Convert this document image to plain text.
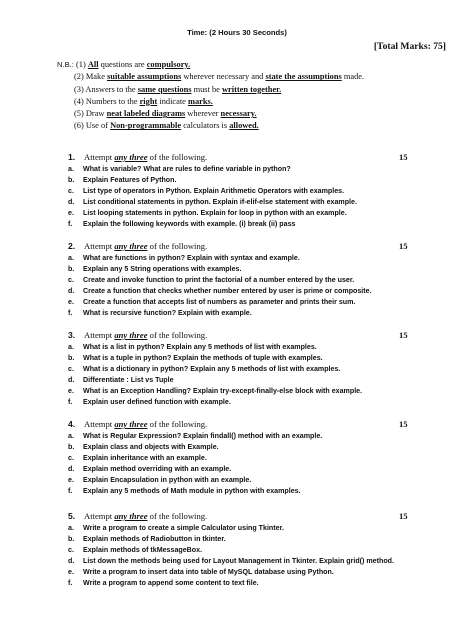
Time: (2 Hours 30 Seconds)
[Total Marks: 75]
N.B.: (1) All questions are compulsory.
(2) Make suitable assumptions wherever necessary and state the assumptions made.
(3) Answers to the same questions must be written together.
(4) Numbers to the right indicate marks.
(5) Draw neat labeled diagrams wherever necessary.
(6) Use of Non-programmable calculators is allowed.
1. Attempt any three of the following.	15
a. What is variable? What are rules to define variable in python?
b. Explain Features of Python.
c. List type of operators in Python. Explain Arithmetic Operators with examples.
d. List conditional statements in python. Explain if-elif-else statement with example.
e. List looping statements in python. Explain for loop in python with an example.
f. Explain the following keywords with example. (i) break (ii) pass
2. Attempt any three of the following.	15
a. What are functions in python? Explain with syntax and example.
b. Explain any 5 String operations with examples.
c. Create and invoke function to print the factorial of a number entered by the user.
d. Create a function that checks whether number entered by user is prime or composite.
e. Create a function that accepts list of numbers as parameter and prints their sum.
f. What is recursive function? Explain with example.
3. Attempt any three of the following.	15
a. What is a list in python? Explain any 5 methods of list with examples.
b. What is a tuple in python? Explain the methods of tuple with examples.
c. What is a dictionary in python? Explain any 5 methods of list with examples.
d. Differentiate : List vs Tuple
e. What is an Exception Handling? Explain try-except-finally-else block with example.
f. Explain user defined function with example.
4. Attempt any three of the following.	15
a. What is Regular Expression? Explain findall() method with an example.
b. Explain class and objects with Example.
c. Explain inheritance with an example.
d. Explain method overriding with an example.
e. Explain Encapsulation in python with an example.
f. Explain any 5 methods of Math module in python with examples.
5. Attempt any three of the following.	15
a. Write a program to create a simple Calculator using Tkinter.
b. Explain methods of Radiobutton in tkinter.
c. Explain methods of tkMessageBox.
d. List down the methods being used for Layout Management in Tkinter. Explain grid() method.
e. Write a program to insert data into table of MySQL database using Python.
f. Write a program to append some content to text file.
